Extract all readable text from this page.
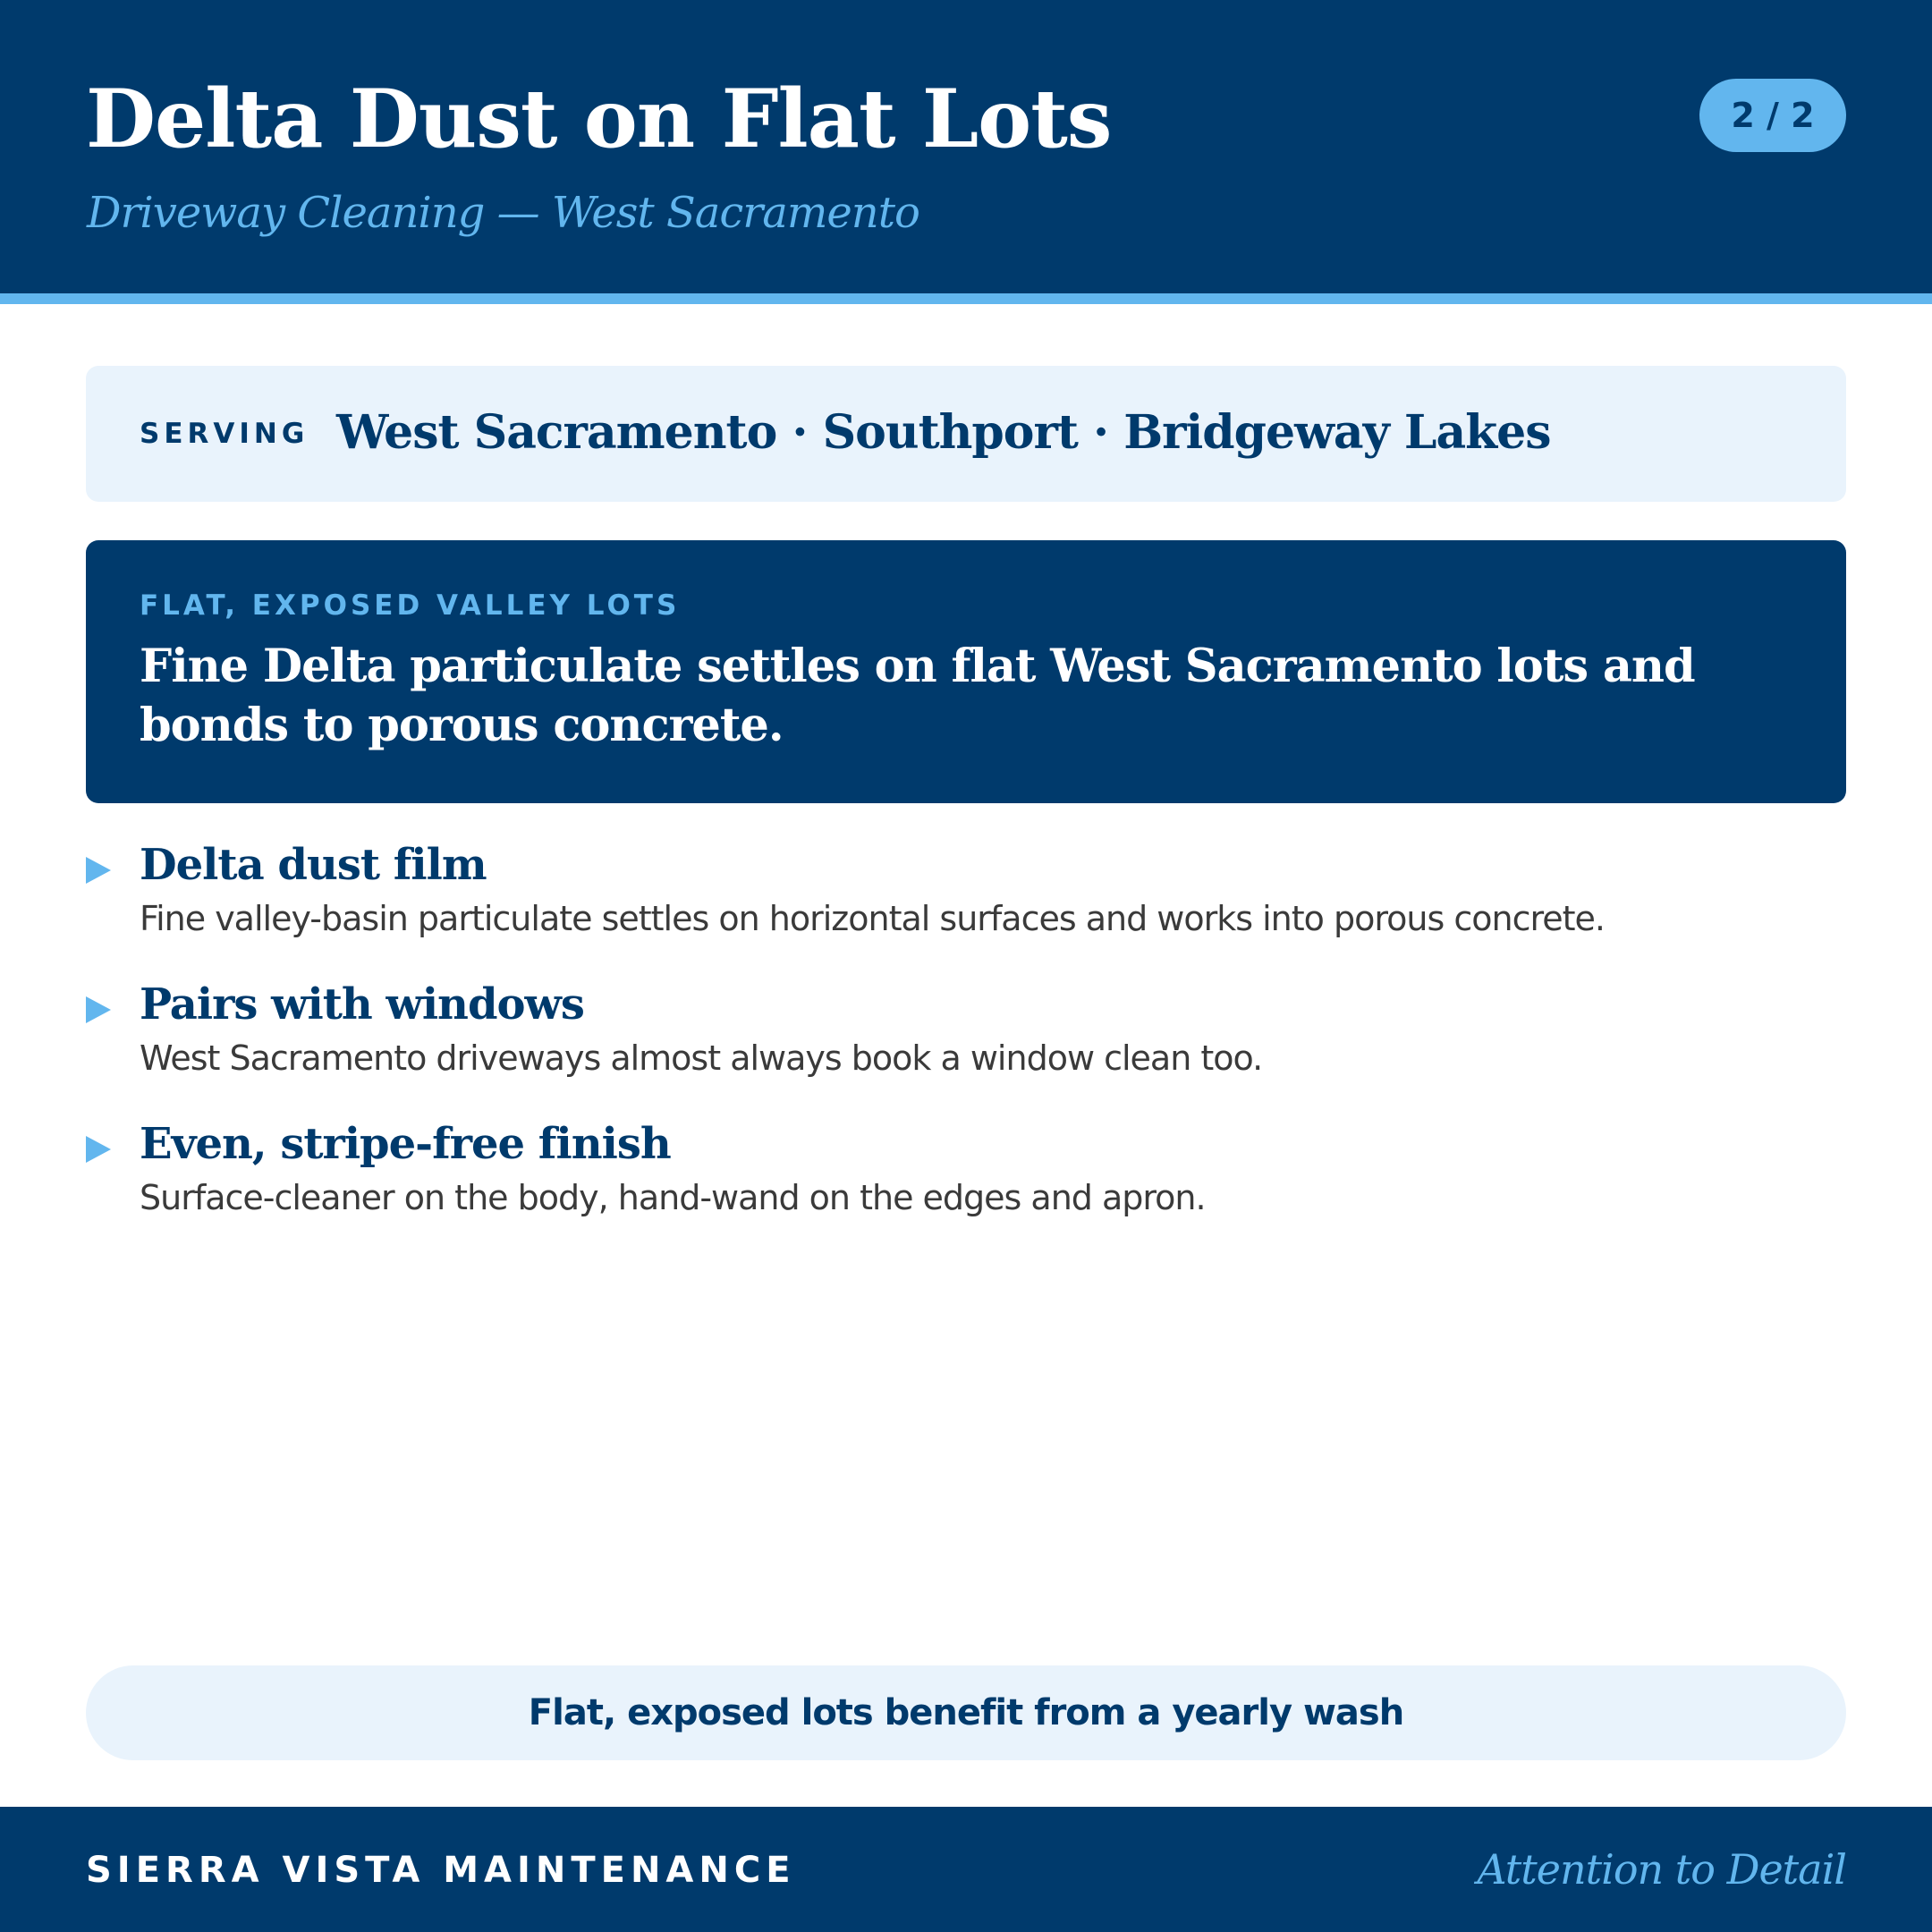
Delta Dust on Flat Lots
Driveway Cleaning — West Sacramento
2 / 2
SERVING West Sacramento · Southport · Bridgeway Lakes
FLAT, EXPOSED VALLEY LOTS
Fine Delta particulate settles on flat West Sacramento lots and bonds to porous concrete.
Delta dust film
Fine valley-basin particulate settles on horizontal surfaces and works into porous concrete.
Pairs with windows
West Sacramento driveways almost always book a window clean too.
Even, stripe-free finish
Surface-cleaner on the body, hand-wand on the edges and apron.
Flat, exposed lots benefit from a yearly wash
SIERRA VISTA MAINTENANCE	Attention to Detail
